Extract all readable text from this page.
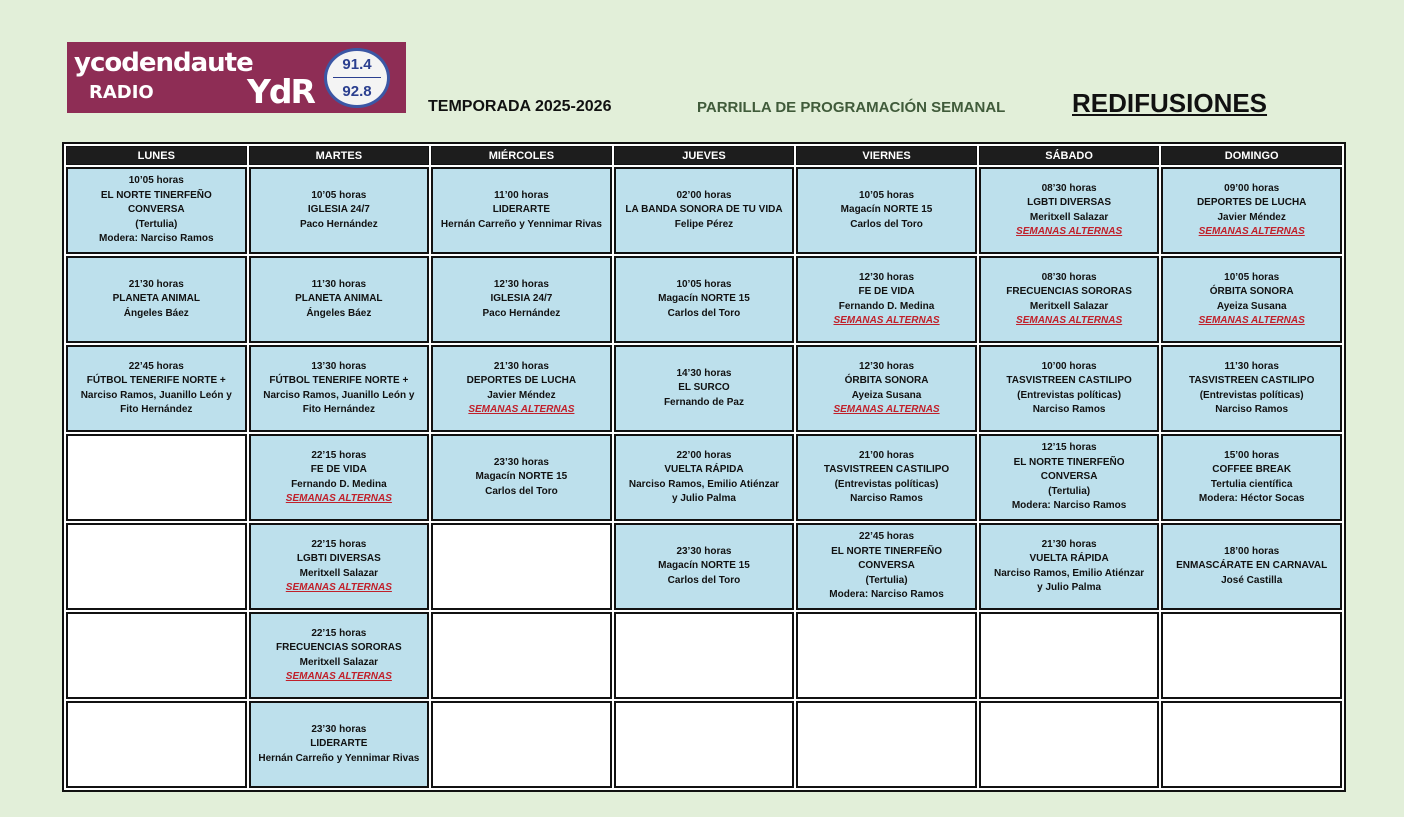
ycodendaute
RADIO	YdR
91.4
92.8
TEMPORADA 2025-2026	PARRILLA DE PROGRAMACIÓN SEMANAL	REDIFUSIONES
LUNES	MARTES	MIÉRCOLES	JUEVES	VIERNES	SÁBADO	DOMINGO

10’05 horas
EL NORTE TINERFEÑO CONVERSA
(Tertulia)
Modera: Narciso Ramos	10’05 horas
IGLESIA 24/7
Paco Hernández	11’00 horas
LIDERARTE
Hernán Carreño y Yennimar Rivas	02’00 horas
LA BANDA SONORA DE TU VIDA
Felipe Pérez	10’05 horas
Magacín NORTE 15
Carlos del Toro	08’30 horas
LGBTI DIVERSAS
Meritxell Salazar
SEMANAS ALTERNAS	09’00 horas
DEPORTES DE LUCHA
Javier Méndez
SEMANAS ALTERNAS

21’30 horas
PLANETA ANIMAL
Ángeles Báez	11’30 horas
PLANETA ANIMAL
Ángeles Báez	12’30 horas
IGLESIA 24/7
Paco Hernández	10’05 horas
Magacín NORTE 15
Carlos del Toro	12’30 horas
FE DE VIDA
Fernando D. Medina
SEMANAS ALTERNAS	08’30 horas
FRECUENCIAS SORORAS
Meritxell Salazar
SEMANAS ALTERNAS	10’05 horas
ÓRBITA SONORA
Ayeiza Susana
SEMANAS ALTERNAS

22’45 horas
FÚTBOL TENERIFE NORTE +
Narciso Ramos, Juanillo León y
Fito Hernández	13’30 horas
FÚTBOL TENERIFE NORTE +
Narciso Ramos, Juanillo León y
Fito Hernández	21’30 horas
DEPORTES DE LUCHA
Javier Méndez
SEMANAS ALTERNAS	14’30 horas
EL SURCO
Fernando de Paz	12’30 horas
ÓRBITA SONORA
Ayeiza Susana
SEMANAS ALTERNAS	10’00 horas
TASVISTREEN CASTILIPO
(Entrevistas políticas)
Narciso Ramos	11’30 horas
TASVISTREEN CASTILIPO
(Entrevistas políticas)
Narciso Ramos

	22’15 horas
FE DE VIDA
Fernando D. Medina
SEMANAS ALTERNAS	23’30 horas
Magacín NORTE 15
Carlos del Toro	22’00 horas
VUELTA RÁPIDA
Narciso Ramos, Emilio Atiénzar
y Julio Palma	21’00 horas
TASVISTREEN CASTILIPO
(Entrevistas políticas)
Narciso Ramos	12’15 horas
EL NORTE TINERFEÑO CONVERSA
(Tertulia)
Modera: Narciso Ramos	15’00 horas
COFFEE BREAK
Tertulia científica
Modera: Héctor Socas

	22’15 horas
LGBTI DIVERSAS
Meritxell Salazar
SEMANAS ALTERNAS		23’30 horas
Magacín NORTE 15
Carlos del Toro	22’45 horas
EL NORTE TINERFEÑO CONVERSA
(Tertulia)
Modera: Narciso Ramos	21’30 horas
VUELTA RÁPIDA
Narciso Ramos, Emilio Atiénzar
y Julio Palma	18’00 horas
ENMASCÁRATE EN CARNAVAL
José Castilla

	22’15 horas
FRECUENCIAS SORORAS
Meritxell Salazar
SEMANAS ALTERNAS					

	23’30 horas
LIDERARTE
Hernán Carreño y Yennimar Rivas					
